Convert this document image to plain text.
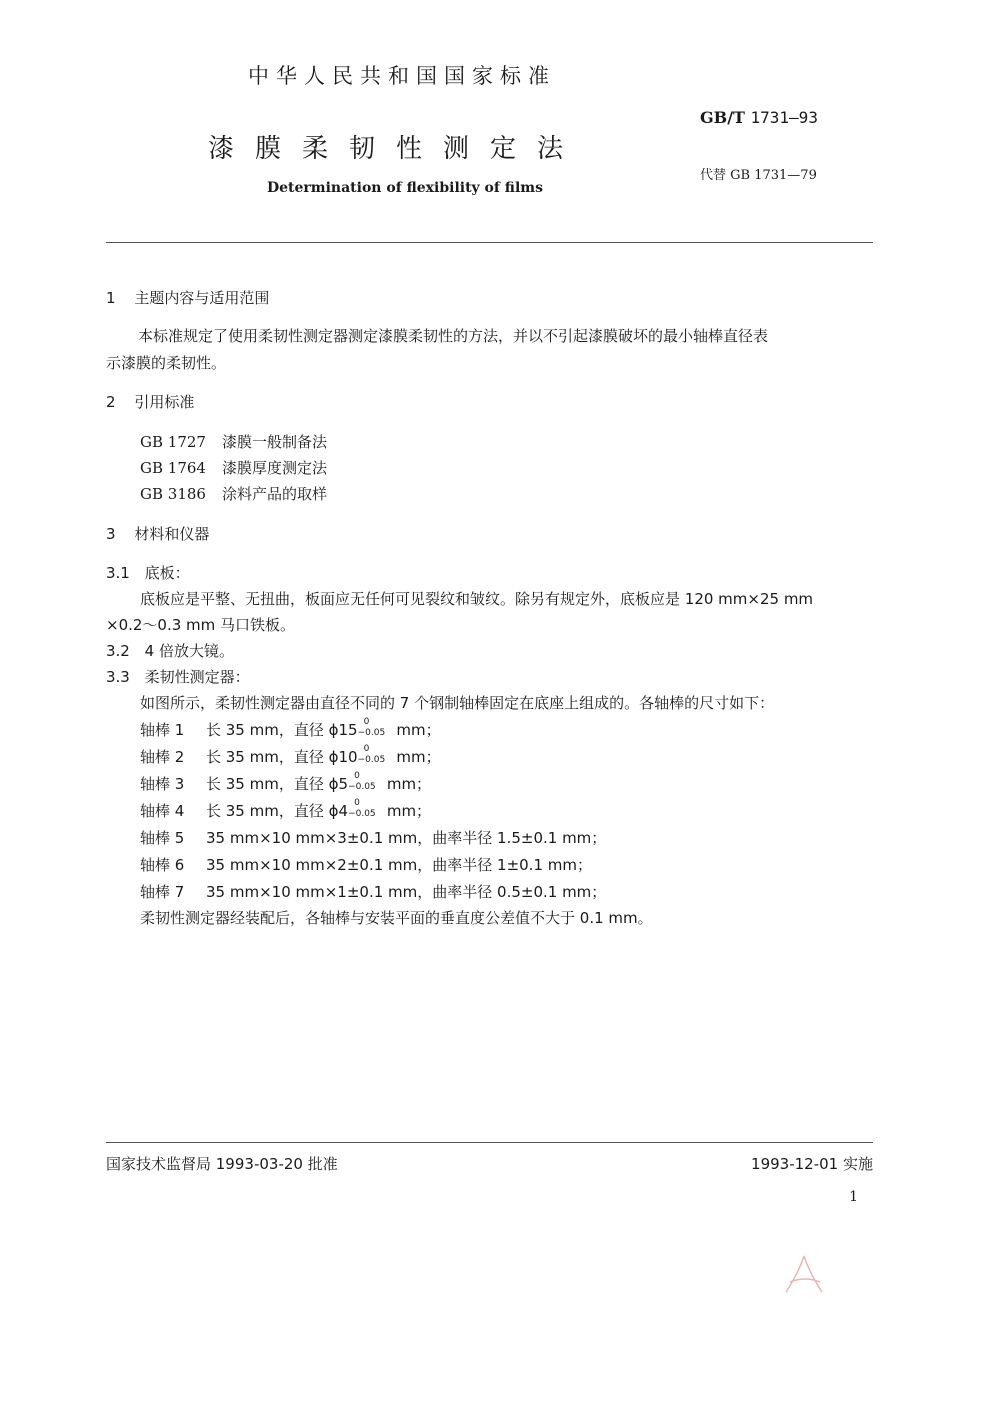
中华人民共和国国家标准
GB/T 1731—93
漆膜柔韧性测定法
代替 GB 1731—79
Determination of flexibility of films
1 主题内容与适用范围
本标准规定了使用柔韧性测定器测定漆膜柔韧性的方法，并以不引起漆膜破坏的最小轴棒直径表
示漆膜的柔韧性。
2 引用标准
GB 1727 漆膜一般制备法
GB 1764 漆膜厚度测定法
GB 3186 涂料产品的取样
3 材料和仪器
3.1 底板：
底板应是平整、无扭曲，板面应无任何可见裂纹和皱纹。除另有规定外，底板应是 120 mm×25 mm
×0.2～0.3 mm 马口铁板。
3.2 4 倍放大镜。
3.3 柔韧性测定器：
如图所示，柔韧性测定器由直径不同的 7 个钢制轴棒固定在底座上组成的。各轴棒的尺寸如下：
轴棒 1 长 35 mm，直径 ϕ15 0
−0.05 mm；
轴棒 2 长 35 mm，直径 ϕ10 0
−0.05 mm；
轴棒 3 长 35 mm，直径 ϕ5 0
−0.05 mm；
轴棒 4 长 35 mm，直径 ϕ4 0
−0.05 mm；
轴棒 5 35 mm×10 mm×3±0.1 mm，曲率半径 1.5±0.1 mm；
轴棒 6 35 mm×10 mm×2±0.1 mm，曲率半径 1±0.1 mm；
轴棒 7 35 mm×10 mm×1±0.1 mm，曲率半径 0.5±0.1 mm；
柔韧性测定器经装配后，各轴棒与安装平面的垂直度公差值不大于 0.1 mm。
国家技术监督局 1993-03-20 批准	1993-12-01 实施
1
